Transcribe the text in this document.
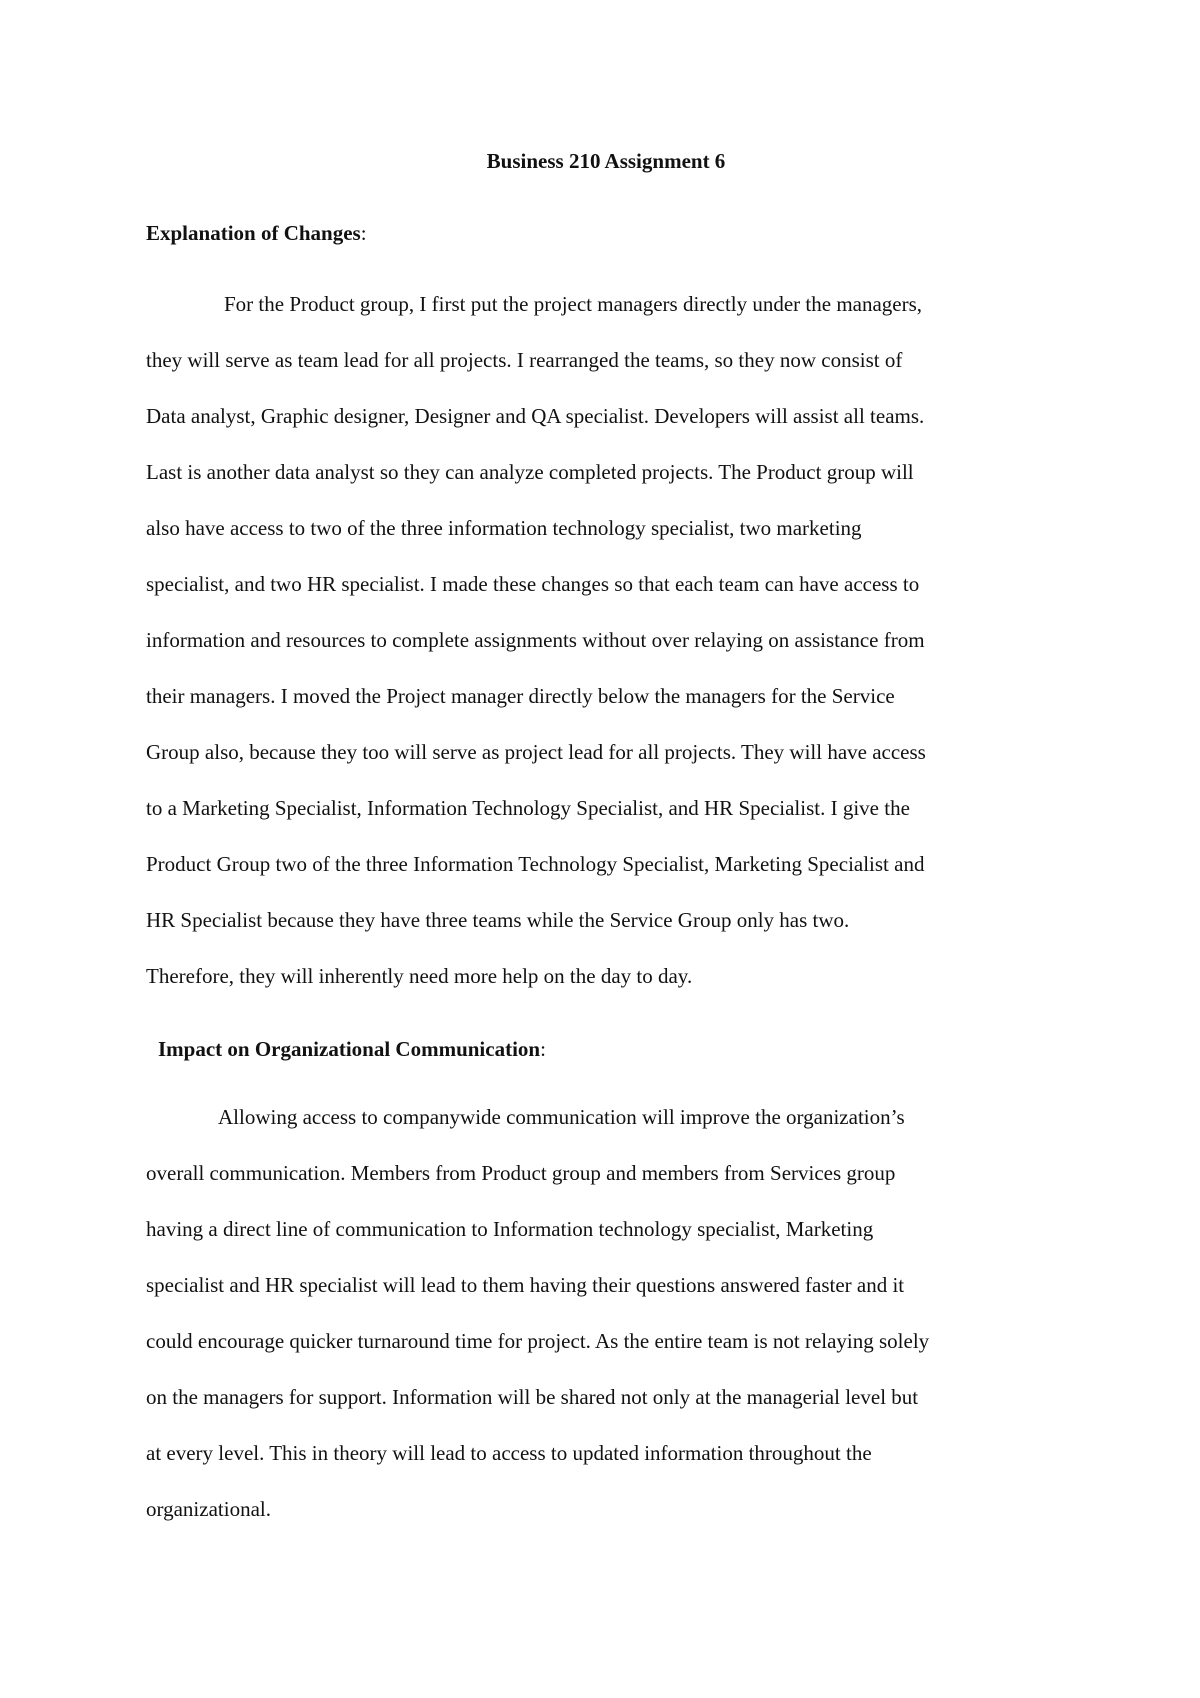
Business 210 Assignment 6
Explanation of Changes:
For the Product group, I first put the project managers directly under the managers,
they will serve as team lead for all projects. I rearranged the teams, so they now consist of
Data analyst, Graphic designer, Designer and QA specialist. Developers will assist all teams.
Last is another data analyst so they can analyze completed projects. The Product group will
also have access to two of the three information technology specialist, two marketing
specialist, and two HR specialist. I made these changes so that each team can have access to
information and resources to complete assignments without over relaying on assistance from
their managers. I moved the Project manager directly below the managers for the Service
Group also, because they too will serve as project lead for all projects. They will have access
to a Marketing Specialist, Information Technology Specialist, and HR Specialist. I give the
Product Group two of the three Information Technology Specialist, Marketing Specialist and
HR Specialist because they have three teams while the Service Group only has two.
Therefore, they will inherently need more help on the day to day.
Impact on Organizational Communication:
Allowing access to companywide communication will improve the organization’s
overall communication. Members from Product group and members from Services group
having a direct line of communication to Information technology specialist, Marketing
specialist and HR specialist will lead to them having their questions answered faster and it
could encourage quicker turnaround time for project. As the entire team is not relaying solely
on the managers for support. Information will be shared not only at the managerial level but
at every level. This in theory will lead to access to updated information throughout the
organizational.
